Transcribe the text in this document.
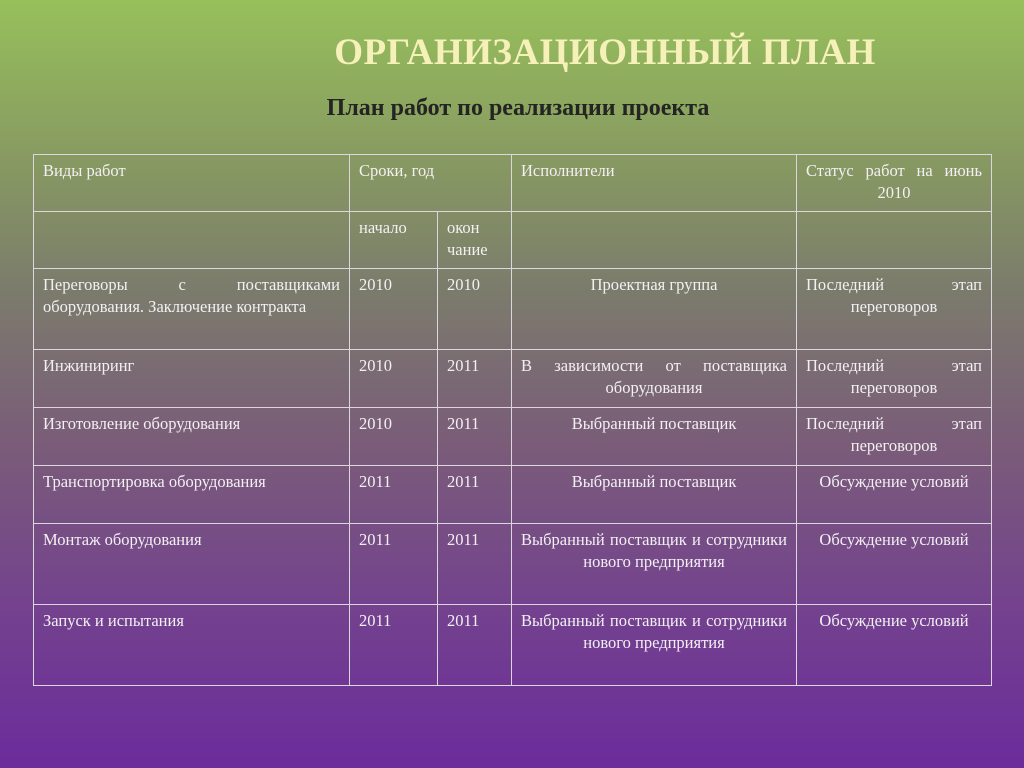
ОРГАНИЗАЦИОННЫЙ ПЛАН
План работ по реализации проекта
Виды работ	Сроки, год		Исполнители	Статус работ на июнь 2010
	начало	окон чание		
Переговоры с поставщиками оборудования. Заключение контракта	2010	2010	Проектная группа	Последний этап переговоров
Инжиниринг	2010	2011	В зависимости от поставщика оборудования	Последний этап переговоров
Изготовление оборудования	2010	2011	Выбранный поставщик	Последний этап переговоров
Транспортировка оборудования	2011	2011	Выбранный поставщик	Обсуждение условий
Монтаж оборудования	2011	2011	Выбранный поставщик и сотрудники нового предприятия	Обсуждение условий
Запуск и испытания	2011	2011	Выбранный поставщик и сотрудники нового предприятия	Обсуждение условий
